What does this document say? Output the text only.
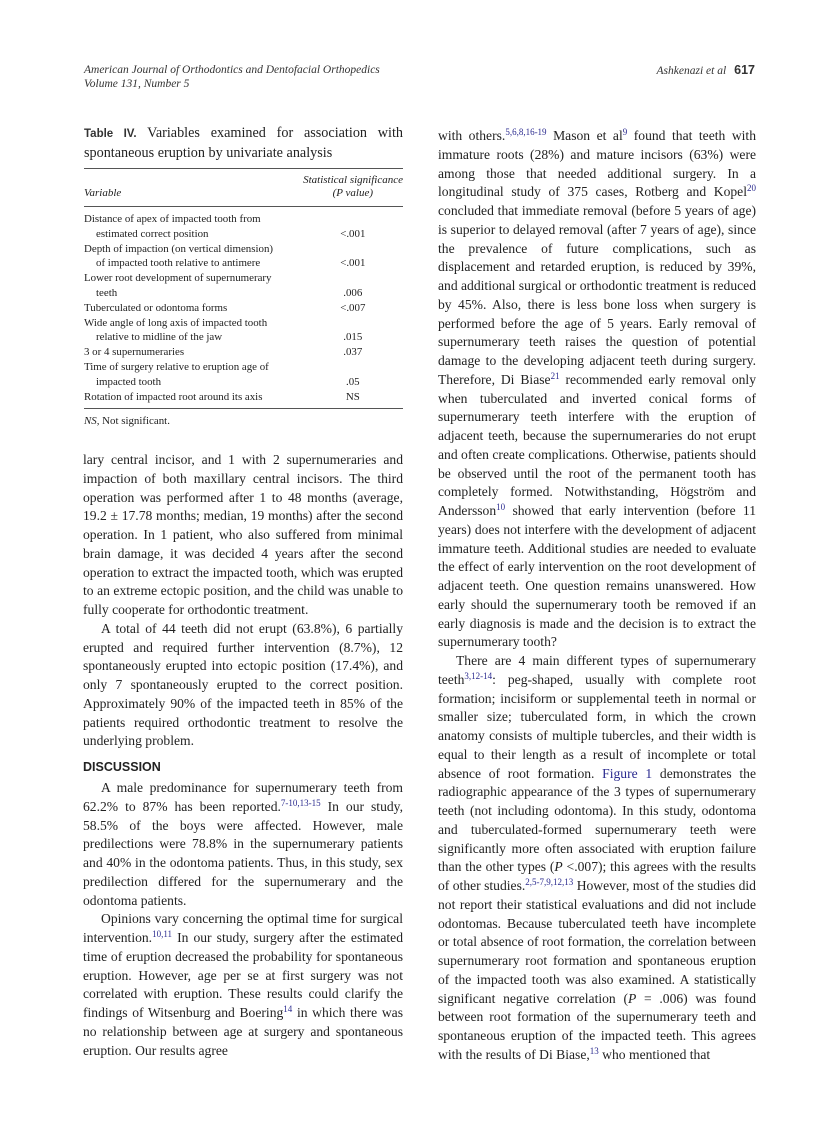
American Journal of Orthodontics and Dentofacial Orthopedics
Volume 131, Number 5
Ashkenazi et al 617
Table IV. Variables examined for association with spontaneous eruption by univariate analysis
Variable
Statistical significance
(P value)
Distance of apex of impacted tooth from
estimated correct position	<.001
Depth of impaction (on vertical dimension)
of impacted tooth relative to antimere	<.001
Lower root development of supernumerary
teeth	.006
Tuberculated or odontoma forms	<.007
Wide angle of long axis of impacted tooth
relative to midline of the jaw	.015
3 or 4 supernumeraries	.037
Time of surgery relative to eruption age of
impacted tooth	.05
Rotation of impacted root around its axis	NS
NS, Not significant.

lary central incisor, and 1 with 2 supernumeraries and impaction of both maxillary central incisors. The third operation was performed after 1 to 48 months (average, 19.2 ± 17.78 months; median, 19 months) after the second operation. In 1 patient, who also suffered from minimal brain damage, it was decided 4 years after the second operation to extract the impacted tooth, which was erupted to an extreme ectopic position, and the child was unable to fully cooperate for orthodontic treatment.

A total of 44 teeth did not erupt (63.8%), 6 partially erupted and required further intervention (8.7%), 12 spontaneously erupted into ectopic position (17.4%), and only 7 spontaneously erupted to the correct position. Approximately 90% of the impacted teeth in 85% of the patients required orthodontic treatment to resolve the underlying problem.

DISCUSSION

A male predominance for supernumerary teeth from 62.2% to 87% has been reported.$^{7-10,13-15}$ In our study, 58.5% of the boys were affected. However, male predilections were 78.8% in the supernumerary patients and 40% in the odontoma patients. Thus, in this study, sex predilection differed for the supernumerary and the odontoma patients.

Opinions vary concerning the optimal time for surgical intervention.$^{10,11}$ In our study, surgery after the estimated time of eruption decreased the probability for spontaneous eruption. However, age per se at first surgery was not correlated with eruption. These results could clarify the findings of Witsenburg and Boering$^{14}$ in which there was no relationship between age at surgery and spontaneous eruption. Our results agree

with others.$^{5,6,8,16-19}$ Mason et $al^9$ found that teeth with immature roots (28%) and mature incisors (63%) were among those that needed additional surgery. In a longitudinal study of 375 cases, Rotberg and Kopel$^{20}$ concluded that immediate removal (before 5 years of age) is superior to delayed removal (after 7 years of age), since the prevalence of future complications, such as displacement and retarded eruption, is reduced by 39%, and additional surgical or orthodontic treatment is reduced by 45%. Also, there is less bone loss when surgery is performed before the age of 5 years. Early removal of supernumerary teeth raises the question of potential damage to the developing adjacent teeth during surgery. Therefore, Di Biase$^{21}$ recommended early removal only when tuberculated and inverted conical forms of supernumerary teeth interfere with the eruption of adjacent teeth, because the supernumeraries do not erupt and often create complications. Otherwise, patients should be observed until the root of the permanent tooth has completely formed. Notwithstanding, Högström and Andersson$^{10}$ showed that early intervention (before 11 years) does not interfere with the development of adjacent immature teeth. Additional studies are needed to evaluate the effect of early intervention on the root development of adjacent teeth. One question remains unanswered. How early should the supernumerary tooth be removed if an early diagnosis is made and the decision is to extract the supernumerary tooth?

There are 4 main different types of supernumerary teeth$^{3,12-14}$: peg-shaped, usually with complete root formation; incisiform or supplemental teeth in normal or smaller size; tuberculated form, in which the crown anatomy consists of multiple tubercles, and their width is equal to their length as a result of incomplete or total absence of root formation. Figure 1 demonstrates the radiographic appearance of the 3 types of supernumerary teeth (not including odontoma). In this study, odontoma and tuberculated-formed supernumerary teeth were significantly more often associated with eruption failure than the other types (P <.007); this agrees with the results of other studies.$^{2,5-7,9,12,13}$ However, most of the studies did not report their statistical evaluations and did not include odontomas. Because tuberculated teeth have incomplete or total absence of root formation, the correlation between supernumerary root formation and spontaneous eruption of the impacted tooth was also examined. A statistically significant negative correlation (P = .006) was found between root formation of the supernumerary teeth and spontaneous eruption of the impacted teeth. This agrees with the results of Di Biase,$^{13}$ who mentioned that
